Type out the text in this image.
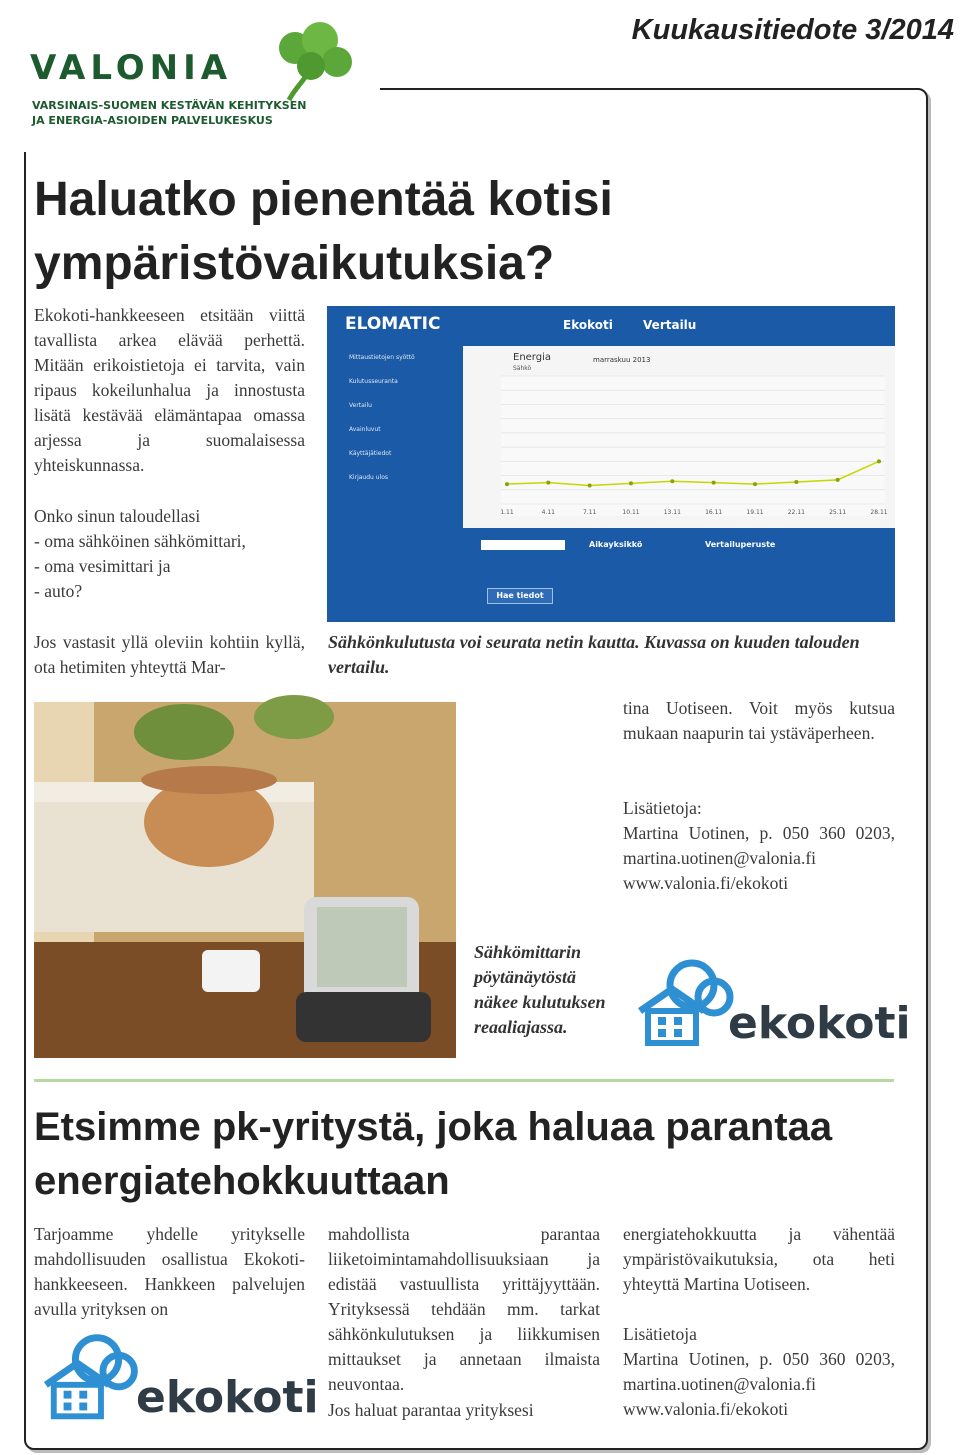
Kuukausitiedote 3/2014
VALONIA
VARSINAIS-SUOMEN KESTÄVÄN KEHITYKSEN
JA ENERGIA-ASIOIDEN PALVELUKESKUS
Haluatko pienentää kotisi
ympäristövaikutuksia?

Ekokoti-hankkeeseen etsitään viittä tavallista arkea elävää perhettä. Mitään erikoistietoja ei tarvita, vain ripaus kokeilunhalua ja innostusta lisätä kestävää elämäntapaa omassa arjessa ja suomalaisessa yhteiskunnassa.

Onko sinun taloudellasi
- oma sähköinen sähkömittari,
- oma vesimittari ja
- auto?

Jos vastasit yllä oleviin kohtiin kyllä, ota hetimiten yhteyttä Mar-

ELOMATIC	Ekokoti	Vertailu
Mittaustietojen syöttö
Kulutusseuranta
Vertailu
Avainluvut
Käyttäjätiedot
Kirjaudu ulos
Energia
Sähkö
marraskuu 2013
1.11	4.11	7.11	10.11	13.11	16.11	19.11	22.11	25.11	28.11
Hae tiedot
Aikayksikkö	Vertailuperuste
Sähkönkulutusta voi seurata netin kautta. Kuvassa on kuuden talouden vertailu.

tina Uotiseen. Voit myös kutsua mukaan naapurin tai ystäväperheen.

Lisätietoja:
Martina Uotinen, p. 050 360 0203, martina.uotinen@valonia.fi
www.valonia.fi/ekokoti
Sähkömittarin pöytänäytöstä näkee kulutuksen reaaliajassa.	ekokoti
Etsimme pk-yritystä, joka haluaa parantaa
energiatehokkuuttaan

Tarjoamme yhdelle yritykselle mahdollisuuden osallistua Ekokoti-hankkeeseen. Hankkeen palvelujen avulla yrityksen on

mahdollista parantaa liiketoimintamahdollisuuksiaan ja edistää vastuullista yrittäjyyttään. Yrityksessä tehdään mm. tarkat sähkönkulutuksen ja liikkumisen mittaukset ja annetaan ilmaista neuvontaa.

Jos haluat parantaa yrityksesi

energiatehokkuutta ja vähentää ympäristövaikutuksia, ota heti yhteyttä Martina Uotiseen.

Lisätietoja
Martina Uotinen, p. 050 360 0203, martina.uotinen@valonia.fi
www.valonia.fi/ekokoti
ekokoti
